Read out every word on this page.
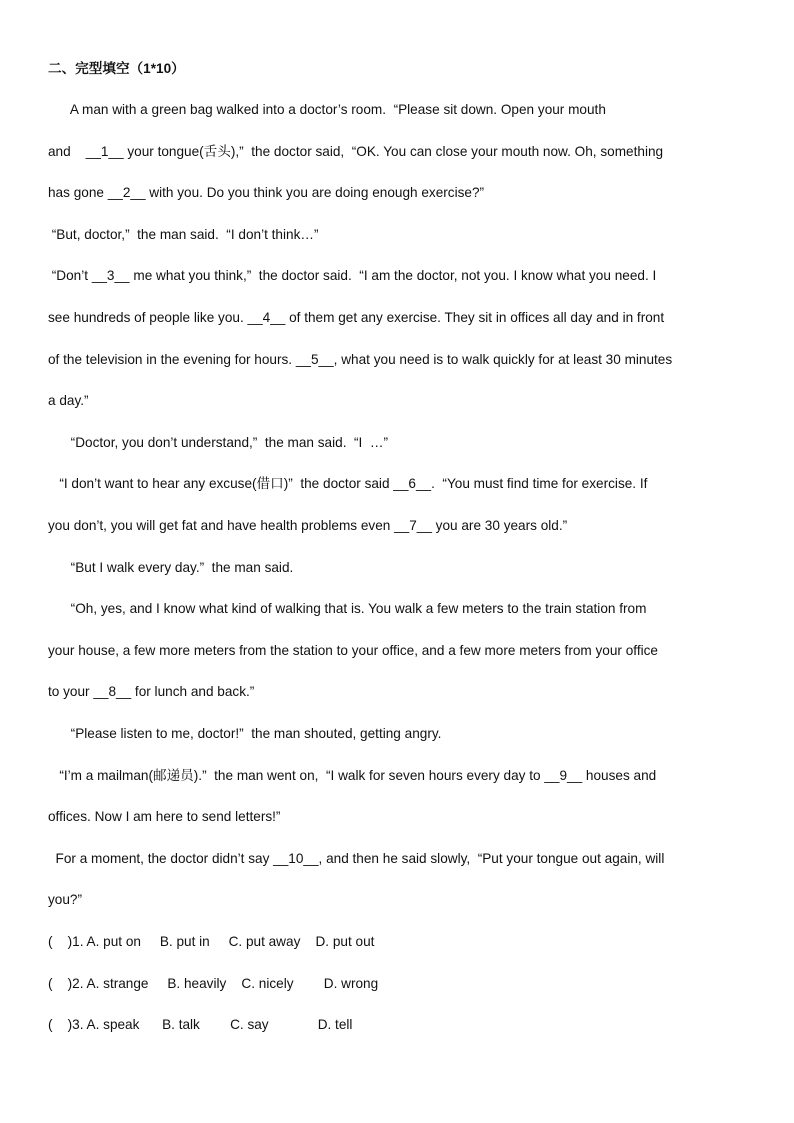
二、完型填空（1*10）
A man with a green bag walked into a doctor’s room.  “Please sit down. Open your mouth
and    __1__ your tongue(舌头),”  the doctor said,  “OK. You can close your mouth now. Oh, something
has gone __2__ with you. Do you think you are doing enough exercise?”
“But, doctor,”  the man said.  “I don’t think…”
“Don’t __3__ me what you think,”  the doctor said.  “I am the doctor, not you. I know what you need. I
see hundreds of people like you. __4__ of them get any exercise. They sit in offices all day and in front
of the television in the evening for hours. __5__, what you need is to walk quickly for at least 30 minutes
a day.”
“Doctor, you don’t understand,”  the man said.  “I  …”
“I don’t want to hear any excuse(借口)”  the doctor said __6__.  “You must find time for exercise. If
you don’t, you will get fat and have health problems even __7__ you are 30 years old.”
“But I walk every day.”  the man said.
“Oh, yes, and I know what kind of walking that is. You walk a few meters to the train station from
your house, a few more meters from the station to your office, and a few more meters from your office
to your __8__ for lunch and back.”
“Please listen to me, doctor!”  the man shouted, getting angry.
“I’m a mailman(邮递员).”  the man went on,  “I walk for seven hours every day to __9__ houses and
offices. Now I am here to send letters!”
For a moment, the doctor didn’t say __10__, and then he said slowly,  “Put your tongue out again, will
you?”
(    )1. A. put on     B. put in     C. put away    D. put out
(    )2. A. strange     B. heavily    C. nicely        D. wrong
(    )3. A. speak      B. talk        C. say             D. tell
